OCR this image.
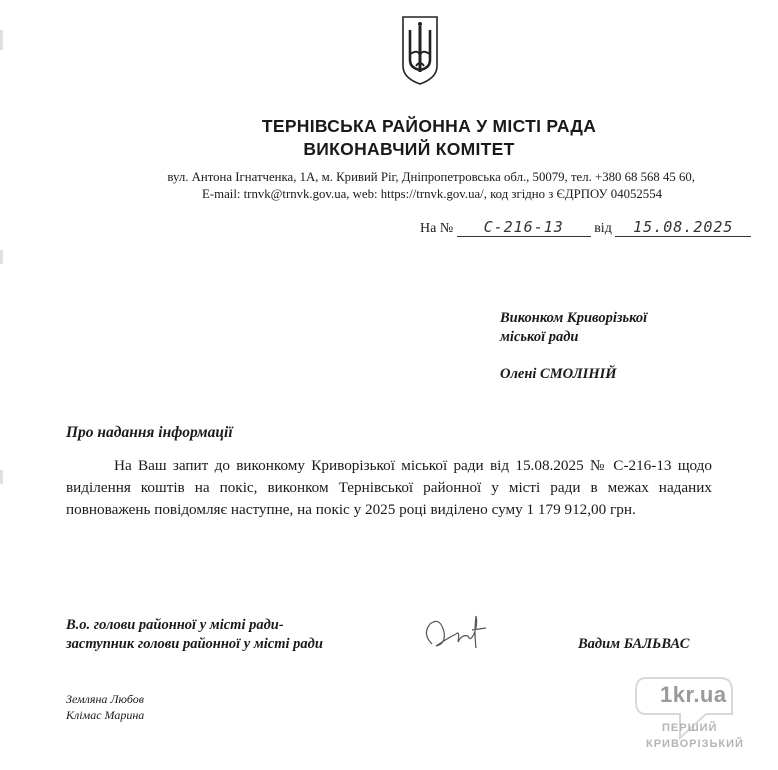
ТЕРНІВСЬКА РАЙОННА У МІСТІ РАДА
ВИКОНАВЧИЙ КОМІТЕТ
вул. Антона Ігнатченка, 1А, м. Кривий Ріг, Дніпропетровська обл., 50079, тел. +380 68 568 45 60,
E-mail: trnvk@trnvk.gov.ua, web: https://trnvk.gov.ua/, код згідно з ЄДРПОУ 04052554
На № С-216-13 від 15.08.2025
Виконком Криворізької
міської ради
Олені СМОЛІНІЙ
Про надання інформації
На Ваш запит до виконкому Криворізької міської ради від 15.08.2025 № С-216-13 щодо виділення коштів на покіс, виконком Тернівської районної у місті ради в межах наданих повноважень повідомляє наступне, на покіс у 2025 році виділено суму 1 179 912,00 грн.
В.о. голови районної у місті ради-
заступник голови районної у місті ради	Вадим БАЛЬВАС
Земляна Любов
Клімас Марина
1kr.ua
ПЕРШИЙ
КРИВОРІЗЬКИЙ
